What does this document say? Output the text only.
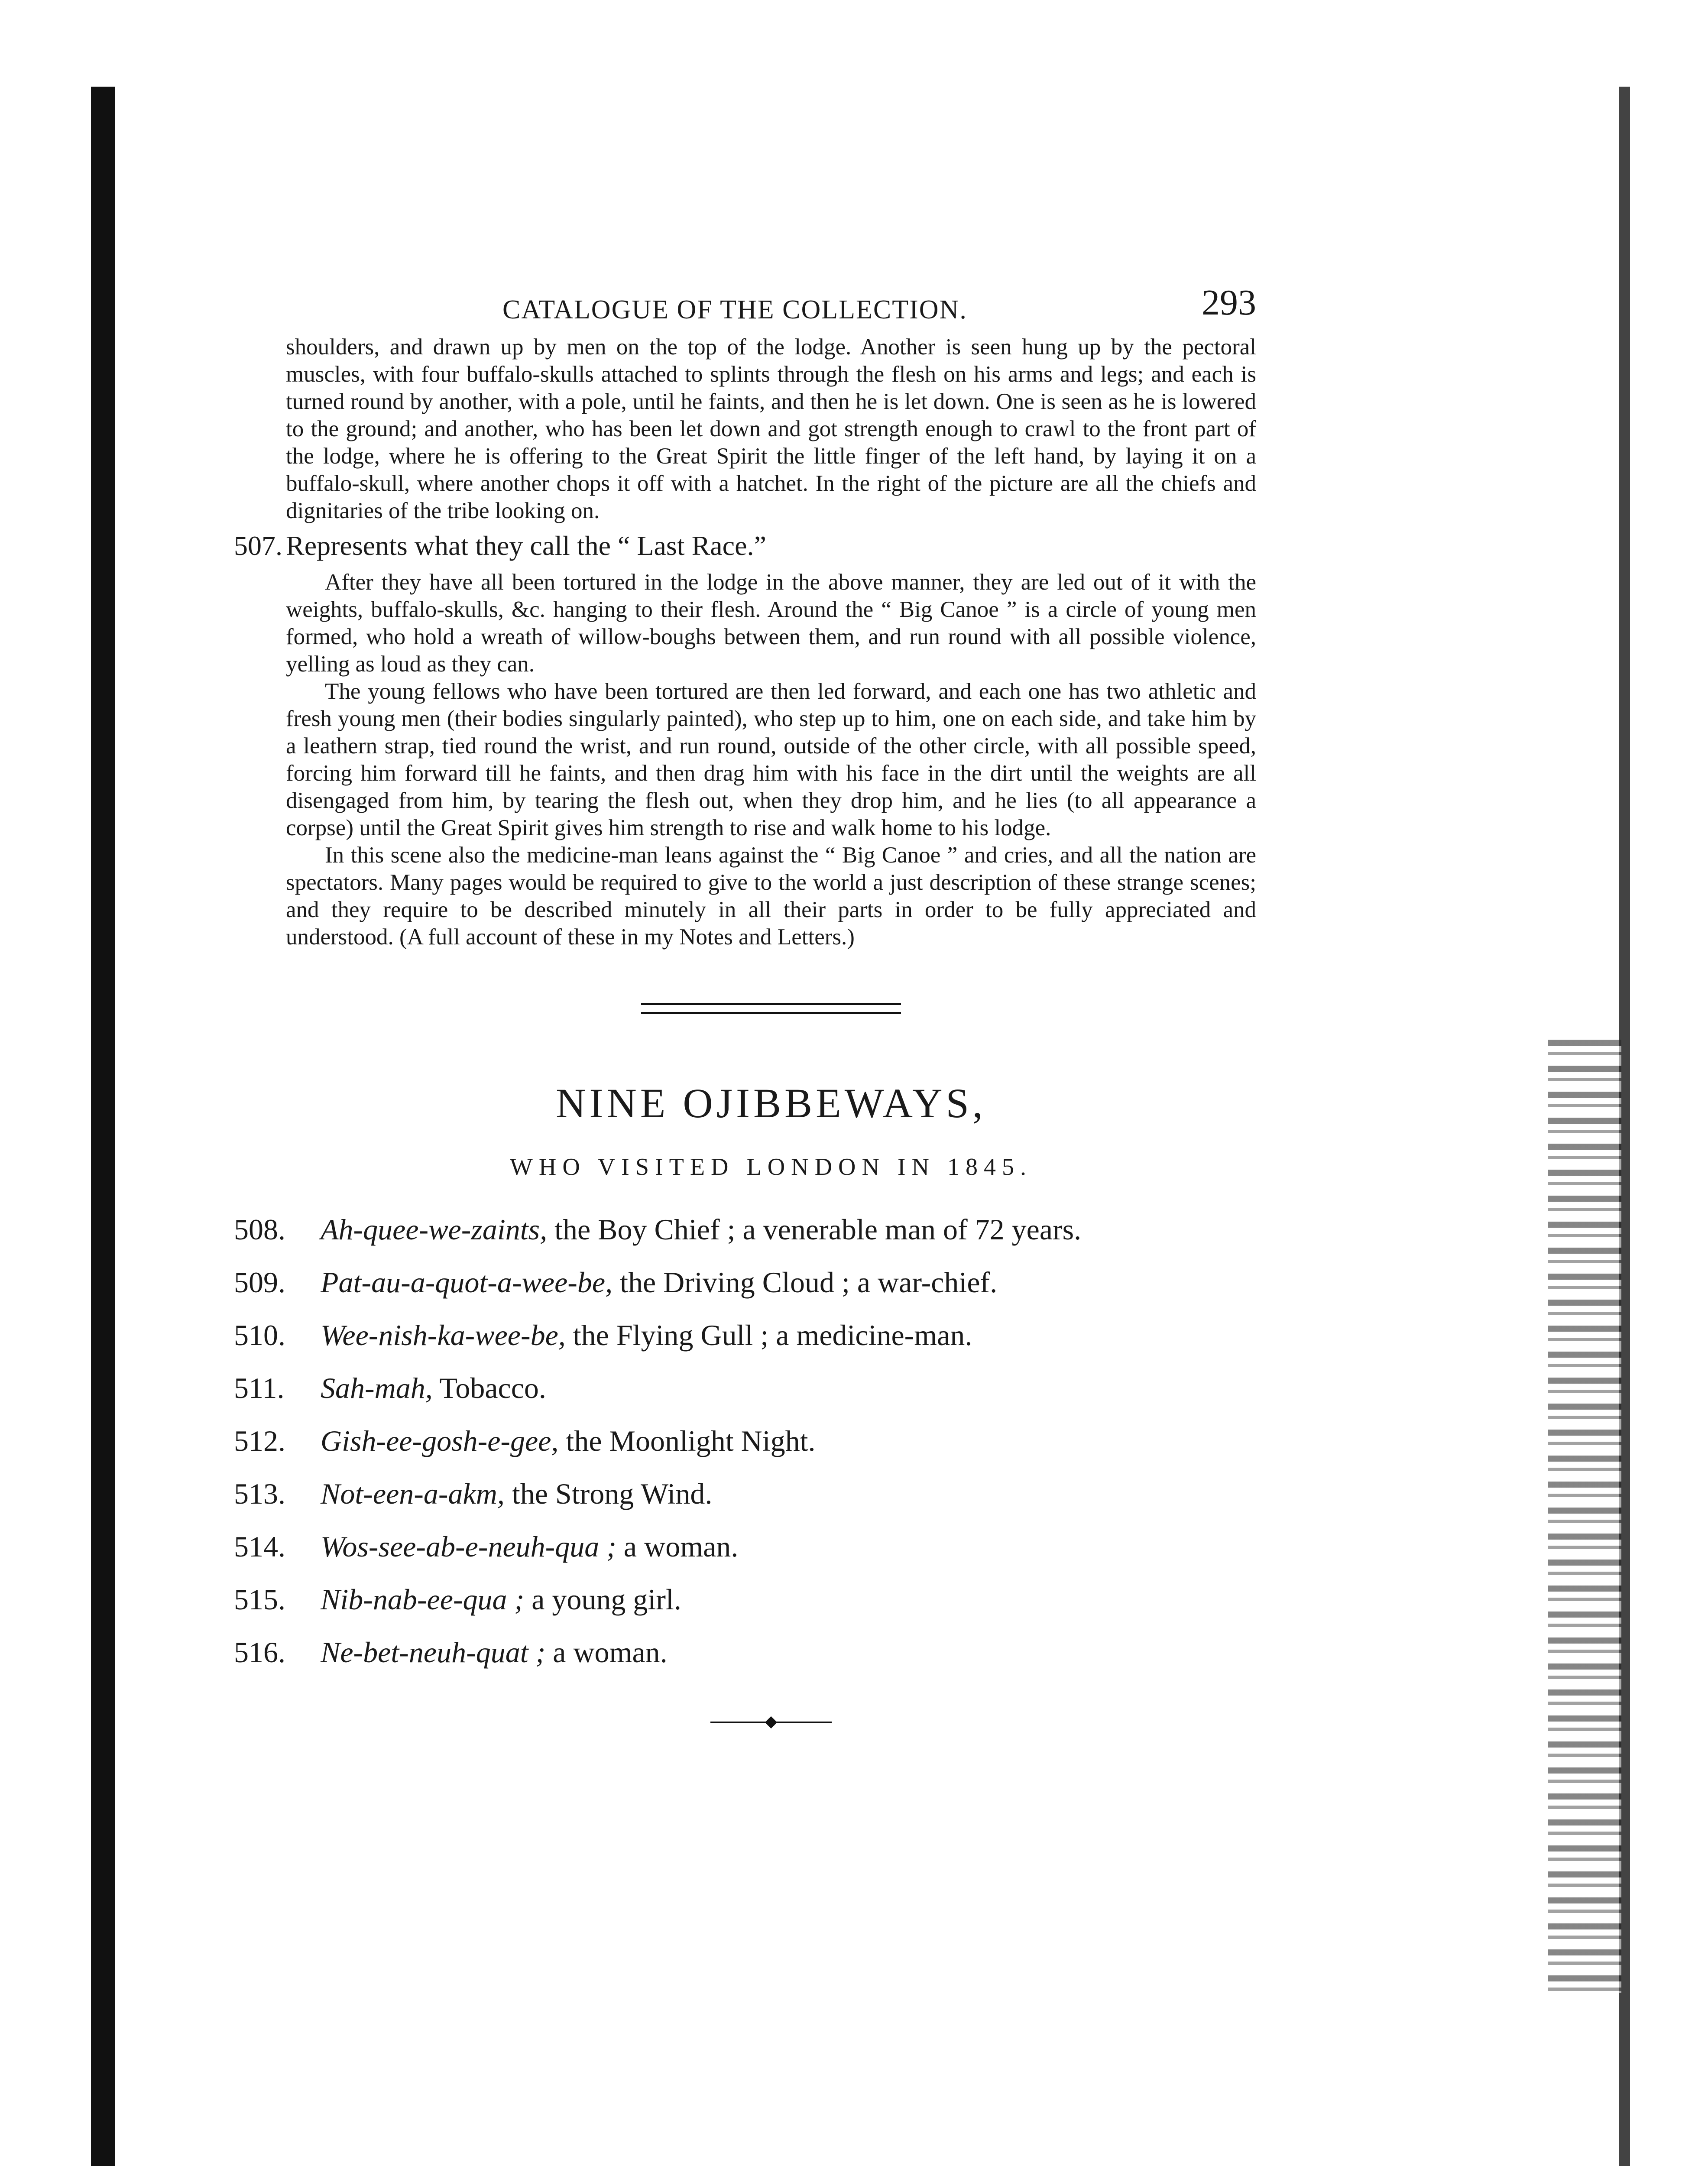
CATALOGUE OF THE COLLECTION.	293

shoulders, and drawn up by men on the top of the lodge. Another is seen hung up by the pectoral muscles, with four buffalo-skulls attached to splints through the flesh on his arms and legs; and each is turned round by another, with a pole, until he faints, and then he is let down. One is seen as he is lowered to the ground; and another, who has been let down and got strength enough to crawl to the front part of the lodge, where he is offering to the Great Spirit the little finger of the left hand, by laying it on a buffalo-skull, where another chops it off with a hatchet. In the right of the picture are all the chiefs and dignitaries of the tribe looking on.

507. Represents what they call the “ Last Race.”

After they have all been tortured in the lodge in the above manner, they are led out of it with the weights, buffalo-skulls, &c. hanging to their flesh. Around the “ Big Canoe ” is a circle of young men formed, who hold a wreath of willow-boughs between them, and run round with all possible violence, yelling as loud as they can.

The young fellows who have been tortured are then led forward, and each one has two athletic and fresh young men (their bodies singularly painted), who step up to him, one on each side, and take him by a leathern strap, tied round the wrist, and run round, outside of the other circle, with all possible speed, forcing him forward till he faints, and then drag him with his face in the dirt until the weights are all disengaged from him, by tearing the flesh out, when they drop him, and he lies (to all appearance a corpse) until the Great Spirit gives him strength to rise and walk home to his lodge.

In this scene also the medicine-man leans against the “ Big Canoe ” and cries, and all the nation are spectators. Many pages would be required to give to the world a just description of these strange scenes; and they require to be described minutely in all their parts in order to be fully appreciated and understood. (A full account of these in my Notes and Letters.)

NINE OJIBBEWAYS,
WHO VISITED LONDON IN 1845.
508. Ah-quee-we-zaints, the Boy Chief ; a venerable man of 72 years.
509. Pat-au-a-quot-a-wee-be, the Driving Cloud ; a war-chief.
510. Wee-nish-ka-wee-be, the Flying Gull ; a medicine-man.
511. Sah-mah, Tobacco.
512. Gish-ee-gosh-e-gee, the Moonlight Night.
513. Not-een-a-akm, the Strong Wind.
514. Wos-see-ab-e-neuh-qua ; a woman.
515. Nib-nab-ee-qua ; a young girl.
516. Ne-bet-neuh-quat ; a woman.
